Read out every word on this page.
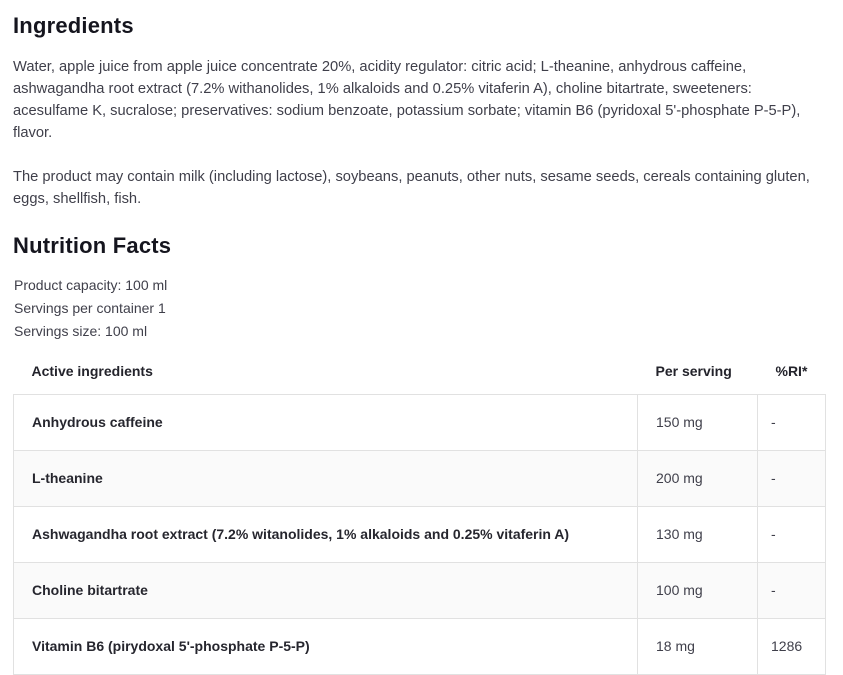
Ingredients

Water, apple juice from apple juice concentrate 20%, acidity regulator: citric acid; L-theanine, anhydrous caffeine, ashwagandha root extract (7.2% withanolides, 1% alkaloids and 0.25% vitaferin A), choline bitartrate, sweeteners: acesulfame K, sucralose; preservatives: sodium benzoate, potassium sorbate; vitamin B6 (pyridoxal 5'-phosphate P-5-P), flavor.

The product may contain milk (including lactose), soybeans, peanuts, other nuts, sesame seeds, cereals containing gluten, eggs, shellfish, fish.

Nutrition Facts

Product capacity: 100 ml

Servings per container 1

Servings size: 100 ml

Active ingredients	Per serving	%RI*
Anhydrous caffeine	150 mg	-
L-theanine	200 mg	-
Ashwagandha root extract (7.2% witanolides, 1% alkaloids and 0.25% vitaferin A)	130 mg	-
Choline bitartrate	100 mg	-
Vitamin B6 (pirydoxal 5'-phosphate P-5-P)	18 mg	1286
